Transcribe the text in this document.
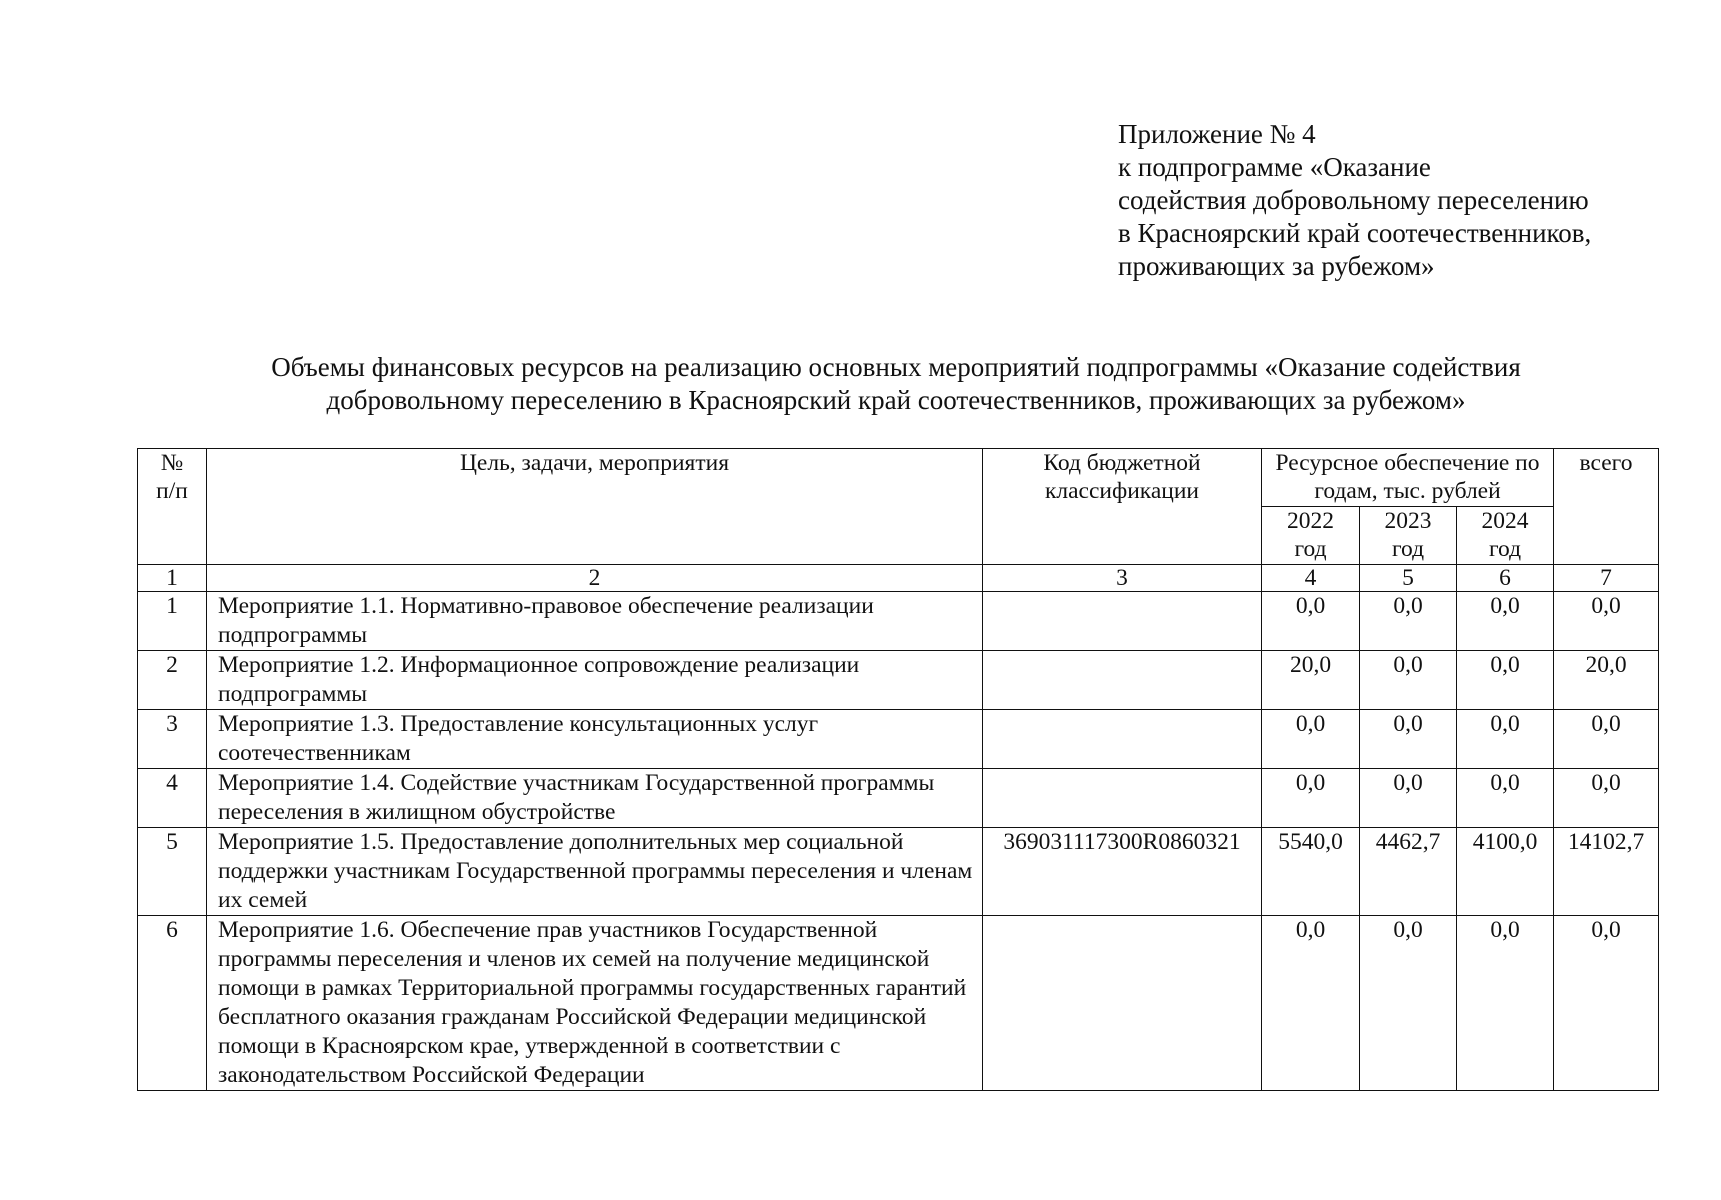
Приложение № 4
к подпрограмме «Оказание
содействия добровольному переселению
в Красноярский край соотечественников,
проживающих за рубежом»
Объемы финансовых ресурсов на реализацию основных мероприятий подпрограммы «Оказание содействия
добровольному переселению в Красноярский край соотечественников, проживающих за рубежом»
№ п/п	Цель, задачи, мероприятия	Код бюджетной классификации	Ресурсное обеспечение по годам, тыс. рублей			всего

			2022 год	2023 год	2024 год	

1	2	3	4	5	6	7
1	Мероприятие 1.1. Нормативно-правовое обеспечение реализации подпрограммы		0,0	0,0	0,0	0,0
2	Мероприятие 1.2. Информационное сопровождение реализации подпрограммы		20,0	0,0	0,0	20,0
3	Мероприятие 1.3. Предоставление консультационных услуг соотечественникам		0,0	0,0	0,0	0,0
4	Мероприятие 1.4. Содействие участникам Государственной программы переселения в жилищном обустройстве		0,0	0,0	0,0	0,0
5	Мероприятие 1.5. Предоставление дополнительных мер социальной поддержки участникам Государственной программы переселения и членам их семей	369031117300R0860321	5540,0	4462,7	4100,0	14102,7
6	Мероприятие 1.6. Обеспечение прав участников Государственной программы переселения и членов их семей на получение медицинской помощи в рамках Территориальной программы государственных гарантий бесплатного оказания гражданам Российской Федерации медицинской помощи в Красноярском крае, утвержденной в соответствии с законодательством Российской Федерации		0,0	0,0	0,0	0,0
